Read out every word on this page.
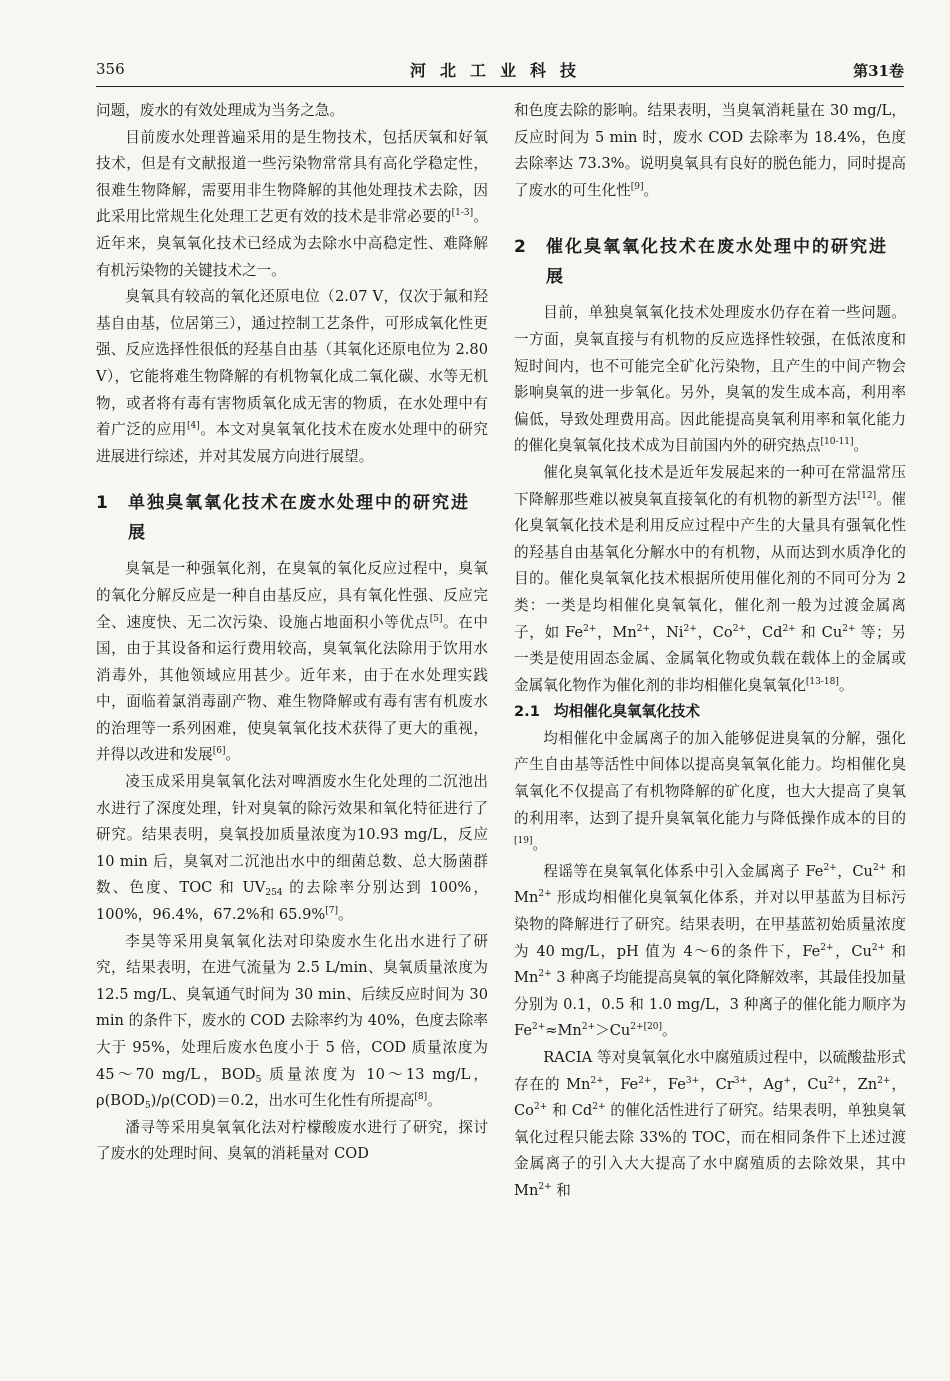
356	河北工业科技	第31卷

问题，废水的有效处理成为当务之急。

目前废水处理普遍采用的是生物技术，包括厌氧和好氧技术，但是有文献报道一些污染物常常具有高化学稳定性，很难生物降解，需要用非生物降解的其他处理技术去除，因此采用比常规生化处理工艺更有效的技术是非常必要的[1-3]。近年来，臭氧氧化技术已经成为去除水中高稳定性、难降解有机污染物的关键技术之一。

臭氧具有较高的氧化还原电位（2.07 V，仅次于氟和羟基自由基，位居第三），通过控制工艺条件，可形成氧化性更强、反应选择性很低的羟基自由基（其氧化还原电位为 2.80 V），它能将难生物降解的有机物氧化成二氧化碳、水等无机物，或者将有毒有害物质氧化成无害的物质，在水处理中有着广泛的应用[4]。本文对臭氧氧化技术在废水处理中的研究进展进行综述，并对其发展方向进行展望。

1 单独臭氧氧化技术在废水处理中的研究进展

臭氧是一种强氧化剂，在臭氧的氧化反应过程中，臭氧的氧化分解反应是一种自由基反应，具有氧化性强、反应完全、速度快、无二次污染、设施占地面积小等优点[5]。在中国，由于其设备和运行费用较高，臭氧氧化法除用于饮用水消毒外，其他领域应用甚少。近年来，由于在水处理实践中，面临着氯消毒副产物、难生物降解或有毒有害有机废水的治理等一系列困难，使臭氧氧化技术获得了更大的重视，并得以改进和发展[6]。

凌玉成采用臭氧氧化法对啤酒废水生化处理的二沉池出水进行了深度处理，针对臭氧的除污效果和氧化特征进行了研究。结果表明，臭氧投加质量浓度为10.93 mg/L，反应 10 min 后，臭氧对二沉池出水中的细菌总数、总大肠菌群数、色度、TOC 和 $UV_{254}$ 的去除率分别达到 100%，100%，96.4%，67.2%和 65.9%[7]。

李昊等采用臭氧氧化法对印染废水生化出水进行了研究，结果表明，在进气流量为 2.5 L/min、臭氧质量浓度为 12.5 mg/L、臭氧通气时间为 30 min、后续反应时间为 30 min 的条件下，废水的 COD 去除率约为 40%，色度去除率大于 95%，处理后废水色度小于 5 倍，COD 质量浓度为 45～70 mg/L，$BOD_5$ 质量浓度为 10～13 mg/L，$\rho(BOD_5)/\rho(COD)=0.2$，出水可生化性有所提高[8]。

潘寻等采用臭氧氧化法对柠檬酸废水进行了研究，探讨了废水的处理时间、臭氧的消耗量对 COD

和色度去除的影响。结果表明，当臭氧消耗量在 30 mg/L，反应时间为 5 min 时，废水 COD 去除率为 18.4%，色度去除率达 73.3%。说明臭氧具有良好的脱色能力，同时提高了废水的可生化性[9]。

2 催化臭氧氧化技术在废水处理中的研究进展

目前，单独臭氧氧化技术处理废水仍存在着一些问题。一方面，臭氧直接与有机物的反应选择性较强，在低浓度和短时间内，也不可能完全矿化污染物，且产生的中间产物会影响臭氧的进一步氧化。另外，臭氧的发生成本高，利用率偏低，导致处理费用高。因此能提高臭氧利用率和氧化能力的催化臭氧氧化技术成为目前国内外的研究热点[10-11]。

催化臭氧氧化技术是近年发展起来的一种可在常温常压下降解那些难以被臭氧直接氧化的有机物的新型方法[12]。催化臭氧氧化技术是利用反应过程中产生的大量具有强氧化性的羟基自由基氧化分解水中的有机物，从而达到水质净化的目的。催化臭氧氧化技术根据所使用催化剂的不同可分为 2 类：一类是均相催化臭氧氧化，催化剂一般为过渡金属离子，如 $Fe^{2+}$，$Mn^{2+}$，$Ni^{2+}$，$Co^{2+}$，$Cd^{2+}$ 和 $Cu^{2+}$ 等；另一类是使用固态金属、金属氧化物或负载在载体上的金属或金属氧化物作为催化剂的非均相催化臭氧氧化[13-18]。

2.1 均相催化臭氧氧化技术

均相催化中金属离子的加入能够促进臭氧的分解，强化产生自由基等活性中间体以提高臭氧氧化能力。均相催化臭氧氧化不仅提高了有机物降解的矿化度，也大大提高了臭氧的利用率，达到了提升臭氧氧化能力与降低操作成本的目的[19]。

程谣等在臭氧氧化体系中引入金属离子 $Fe^{2+}$，$Cu^{2+}$ 和 $Mn^{2+}$ 形成均相催化臭氧氧化体系，并对以甲基蓝为目标污染物的降解进行了研究。结果表明，在甲基蓝初始质量浓度为 40 mg/L，pH 值为 4～6的条件下，$Fe^{2+}$，$Cu^{2+}$ 和 $Mn^{2+}$ 3 种离子均能提高臭氧的氧化降解效率，其最佳投加量分别为 0.1，0.5 和 1.0 mg/L，3 种离子的催化能力顺序为 $Fe^{2+}\approx Mn^{2+}>Cu^{2+[20]}$。

RACIA 等对臭氧氧化水中腐殖质过程中，以硫酸盐形式存在的 $Mn^{2+}$，$Fe^{2+}$，$Fe^{3+}$，$Cr^{3+}$，Ag+，$Cu^{2+}$，$Zn^{2+}$，$Co^{2+}$ 和 $Cd^{2+}$ 的催化活性进行了研究。结果表明，单独臭氧氧化过程只能去除 33%的 TOC，而在相同条件下上述过渡金属离子的引入大大提高了水中腐殖质的去除效果，其中 $Mn^{2+}$ 和
